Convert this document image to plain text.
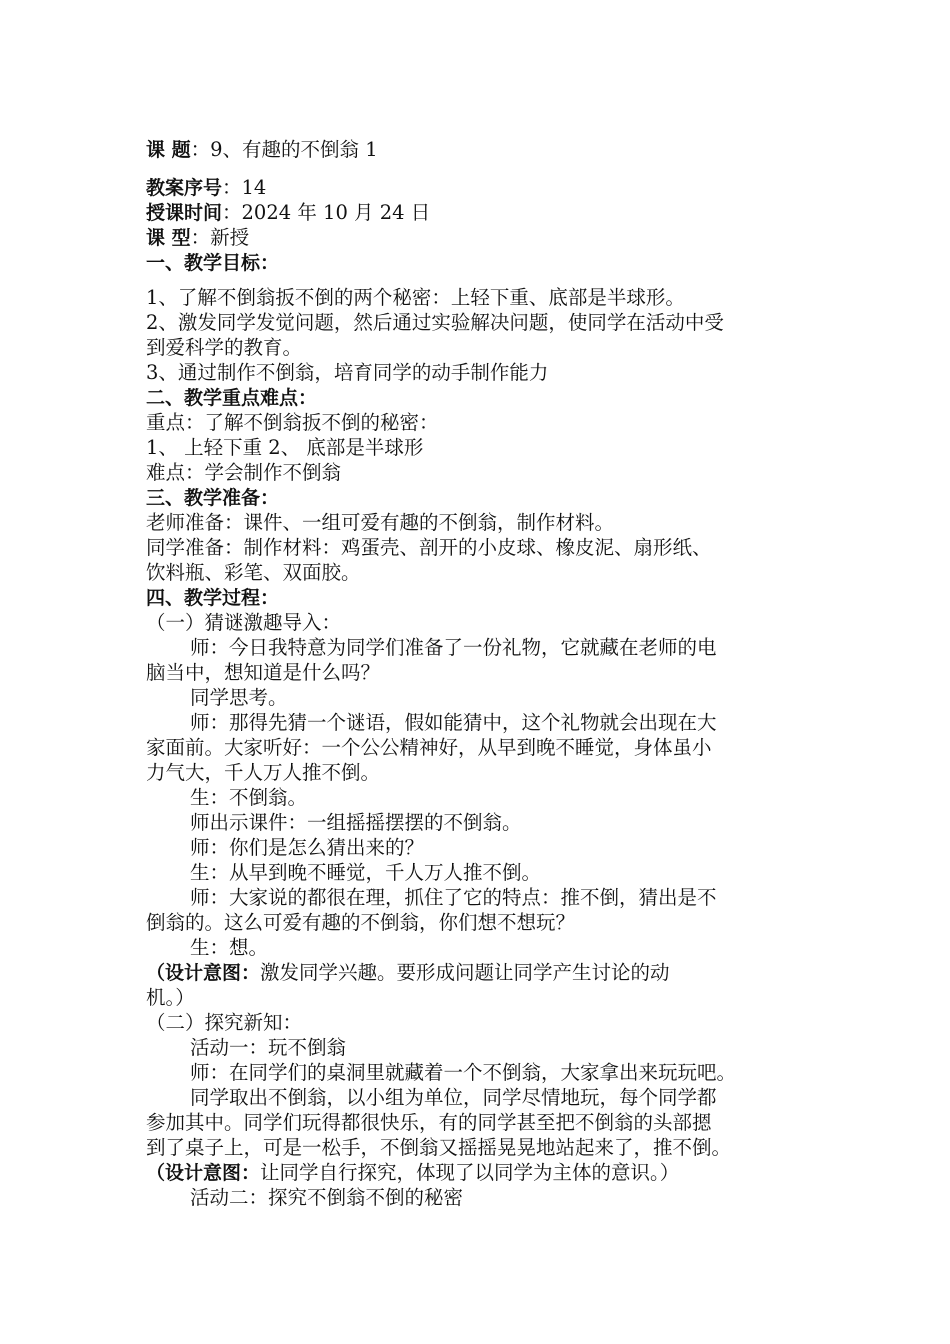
课 题：9、有趣的不倒翁 1
教案序号：14
授课时间：2024 年 10 月 24 日
课 型：新授
一、教学目标：
1、了解不倒翁扳不倒的两个秘密：上轻下重、底部是半球形。
2、激发同学发觉问题，然后通过实验解决问题，使同学在活动中受
到爱科学的教育。
3、通过制作不倒翁，培育同学的动手制作能力
二、教学重点难点：
重点：了解不倒翁扳不倒的秘密：
1、 上轻下重 2、 底部是半球形
难点：学会制作不倒翁
三、教学准备：
老师准备：课件、一组可爱有趣的不倒翁，制作材料。
同学准备：制作材料：鸡蛋壳、剖开的小皮球、橡皮泥、扇形纸、
饮料瓶、彩笔、双面胶。
四、教学过程：
（一）猜谜激趣导入：
师：今日我特意为同学们准备了一份礼物，它就藏在老师的电
脑当中，想知道是什么吗？
同学思考。
师：那得先猜一个谜语，假如能猜中，这个礼物就会出现在大
家面前。大家听好：一个公公精神好，从早到晚不睡觉，身体虽小
力气大，千人万人推不倒。
生：不倒翁。
师出示课件：一组摇摇摆摆的不倒翁。
师：你们是怎么猜出来的？
生：从早到晚不睡觉，千人万人推不倒。
师：大家说的都很在理，抓住了它的特点：推不倒，猜出是不
倒翁的。这么可爱有趣的不倒翁，你们想不想玩？
生：想。
（设计意图：激发同学兴趣。要形成问题让同学产生讨论的动
机。）
（二）探究新知：
活动一：玩不倒翁
师：在同学们的桌洞里就藏着一个不倒翁，大家拿出来玩玩吧。
同学取出不倒翁，以小组为单位，同学尽情地玩，每个同学都
参加其中。同学们玩得都很快乐，有的同学甚至把不倒翁的头部摁
到了桌子上，可是一松手，不倒翁又摇摇晃晃地站起来了，推不倒。
（设计意图：让同学自行探究，体现了以同学为主体的意识。）
活动二：探究不倒翁不倒的秘密
